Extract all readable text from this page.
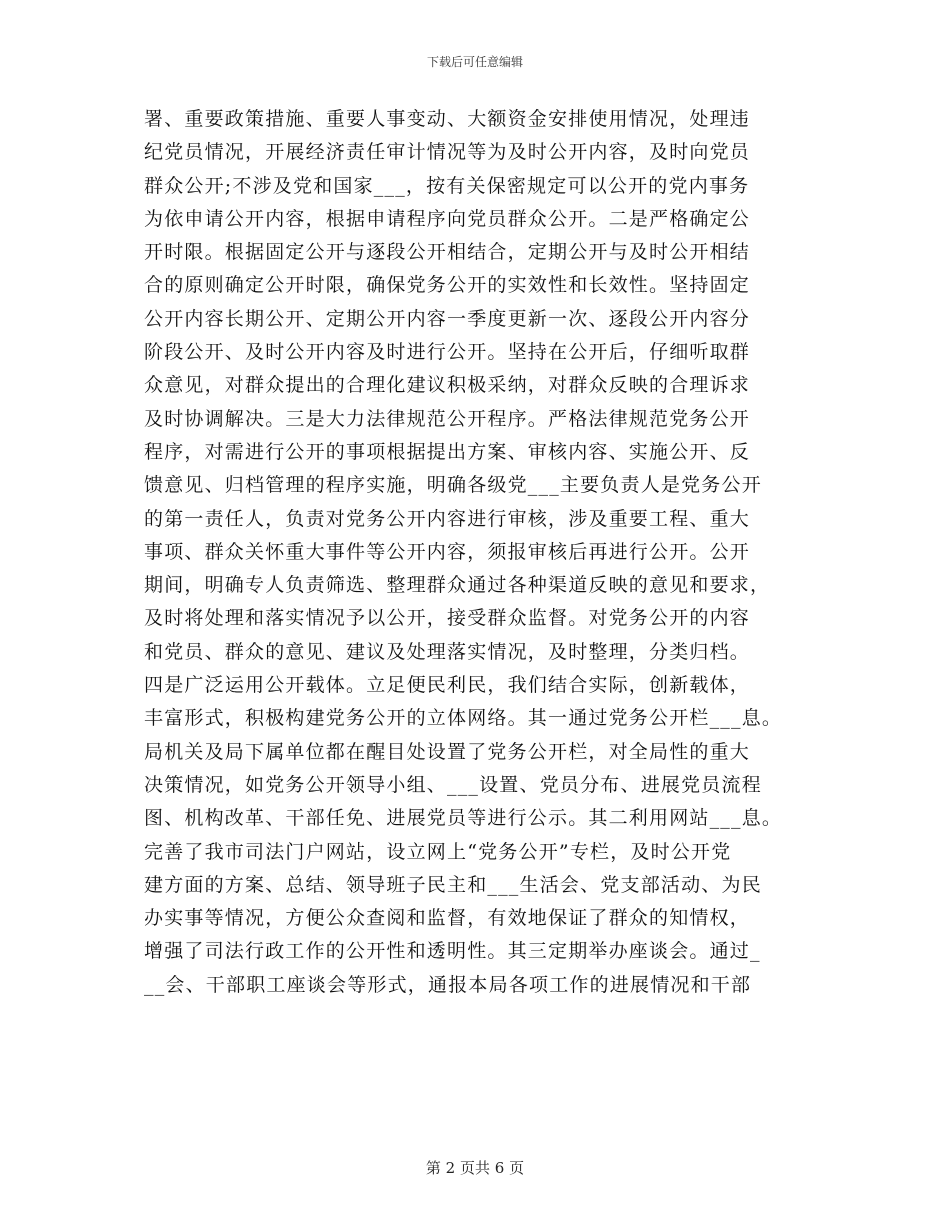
下载后可任意编辑
署、重要政策措施、重要人事变动、大额资金安排使用情况，处理违
纪党员情况，开展经济责任审计情况等为及时公开内容，及时向党员
群众公开;不涉及党和国家___，按有关保密规定可以公开的党内事务
为依申请公开内容，根据申请程序向党员群众公开。二是严格确定公
开时限。根据固定公开与逐段公开相结合，定期公开与及时公开相结
合的原则确定公开时限，确保党务公开的实效性和长效性。坚持固定
公开内容长期公开、定期公开内容一季度更新一次、逐段公开内容分
阶段公开、及时公开内容及时进行公开。坚持在公开后，仔细听取群
众意见，对群众提出的合理化建议积极采纳，对群众反映的合理诉求
及时协调解决。三是大力法律规范公开程序。严格法律规范党务公开
程序，对需进行公开的事项根据提出方案、审核内容、实施公开、反
馈意见、归档管理的程序实施，明确各级党___主要负责人是党务公开
的第一责任人，负责对党务公开内容进行审核，涉及重要工程、重大
事项、群众关怀重大事件等公开内容，须报审核后再进行公开。公开
期间，明确专人负责筛选、整理群众通过各种渠道反映的意见和要求，
及时将处理和落实情况予以公开，接受群众监督。对党务公开的内容
和党员、群众的意见、建议及处理落实情况，及时整理，分类归档。
四是广泛运用公开载体。立足便民利民，我们结合实际，创新载体，
丰富形式，积极构建党务公开的立体网络。其一通过党务公开栏___息。
局机关及局下属单位都在醒目处设置了党务公开栏，对全局性的重大
决策情况，如党务公开领导小组、___设置、党员分布、进展党员流程
图、机构改革、干部任免、进展党员等进行公示。其二利用网站___息。
完善了我市司法门户网站，设立网上“党务公开”专栏，及时公开党
建方面的方案、总结、领导班子民主和___生活会、党支部活动、为民
办实事等情况，方便公众查阅和监督，有效地保证了群众的知情权，
增强了司法行政工作的公开性和透明性。其三定期举办座谈会。通过_
__会、干部职工座谈会等形式，通报本局各项工作的进展情况和干部
第 2 页共 6 页
